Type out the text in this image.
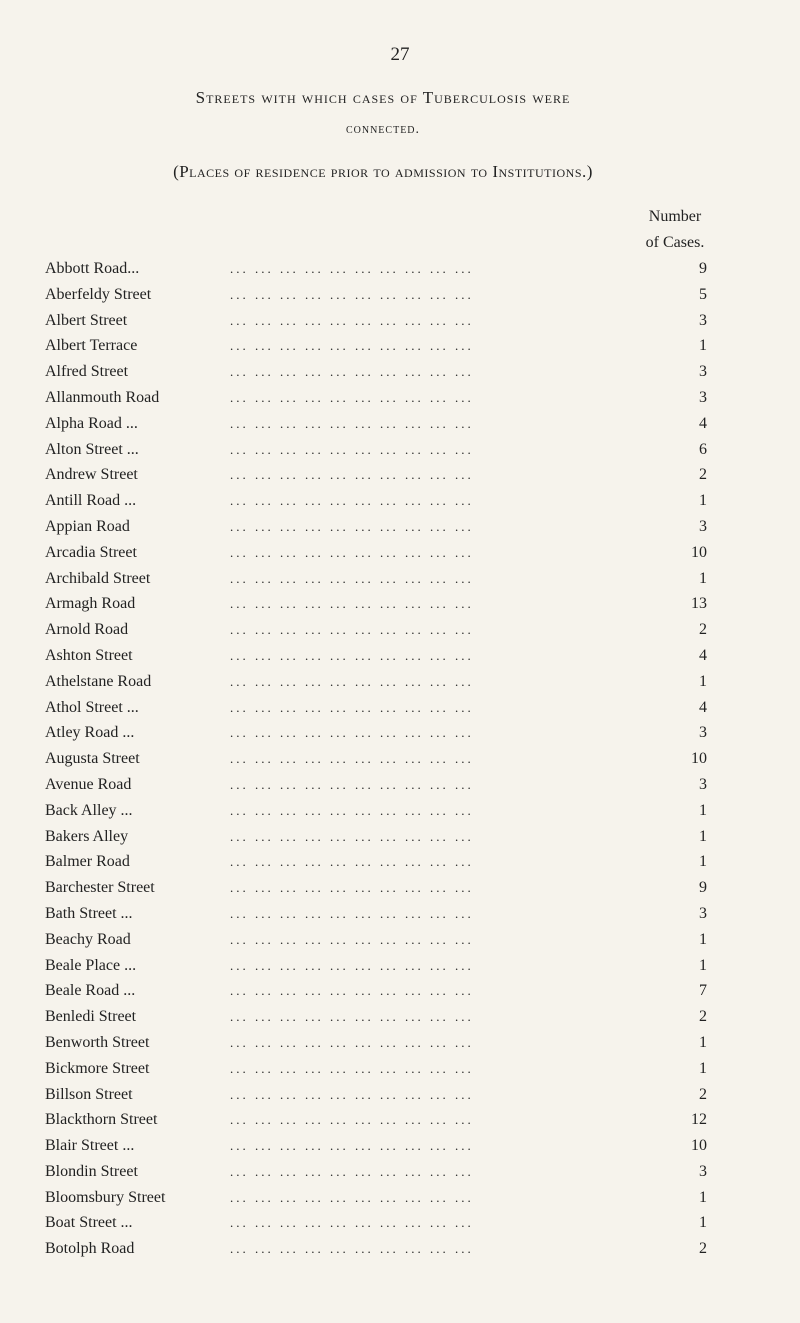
27
Streets with which cases of Tuberculosis were
connected.
(Places of residence prior to admission to Institutions.)
Number
of Cases.
Abbott Road...	... ... ... ... ... ... ... ... ... ...	9
Aberfeldy Street	... ... ... ... ... ... ... ... ... ...	5
Albert Street	... ... ... ... ... ... ... ... ... ...	3
Albert Terrace	... ... ... ... ... ... ... ... ... ...	1
Alfred Street	... ... ... ... ... ... ... ... ... ...	3
Allanmouth Road	... ... ... ... ... ... ... ... ... ...	3
Alpha Road ...	... ... ... ... ... ... ... ... ... ...	4
Alton Street ...	... ... ... ... ... ... ... ... ... ...	6
Andrew Street	... ... ... ... ... ... ... ... ... ...	2
Antill Road ...	... ... ... ... ... ... ... ... ... ...	1
Appian Road	... ... ... ... ... ... ... ... ... ...	3
Arcadia Street	... ... ... ... ... ... ... ... ... ...	10
Archibald Street	... ... ... ... ... ... ... ... ... ...	1
Armagh Road	... ... ... ... ... ... ... ... ... ...	13
Arnold Road	... ... ... ... ... ... ... ... ... ...	2
Ashton Street	... ... ... ... ... ... ... ... ... ...	4
Athelstane Road	... ... ... ... ... ... ... ... ... ...	1
Athol Street ...	... ... ... ... ... ... ... ... ... ...	4
Atley Road ...	... ... ... ... ... ... ... ... ... ...	3
Augusta Street	... ... ... ... ... ... ... ... ... ...	10
Avenue Road	... ... ... ... ... ... ... ... ... ...	3
Back Alley ...	... ... ... ... ... ... ... ... ... ...	1
Bakers Alley	... ... ... ... ... ... ... ... ... ...	1
Balmer Road	... ... ... ... ... ... ... ... ... ...	1
Barchester Street	... ... ... ... ... ... ... ... ... ...	9
Bath Street ...	... ... ... ... ... ... ... ... ... ...	3
Beachy Road	... ... ... ... ... ... ... ... ... ...	1
Beale Place ...	... ... ... ... ... ... ... ... ... ...	1
Beale Road ...	... ... ... ... ... ... ... ... ... ...	7
Benledi Street	... ... ... ... ... ... ... ... ... ...	2
Benworth Street	... ... ... ... ... ... ... ... ... ...	1
Bickmore Street	... ... ... ... ... ... ... ... ... ...	1
Billson Street	... ... ... ... ... ... ... ... ... ...	2
Blackthorn Street	... ... ... ... ... ... ... ... ... ...	12
Blair Street ...	... ... ... ... ... ... ... ... ... ...	10
Blondin Street	... ... ... ... ... ... ... ... ... ...	3
Bloomsbury Street	... ... ... ... ... ... ... ... ... ...	1
Boat Street ...	... ... ... ... ... ... ... ... ... ...	1
Botolph Road	... ... ... ... ... ... ... ... ... ...	2
